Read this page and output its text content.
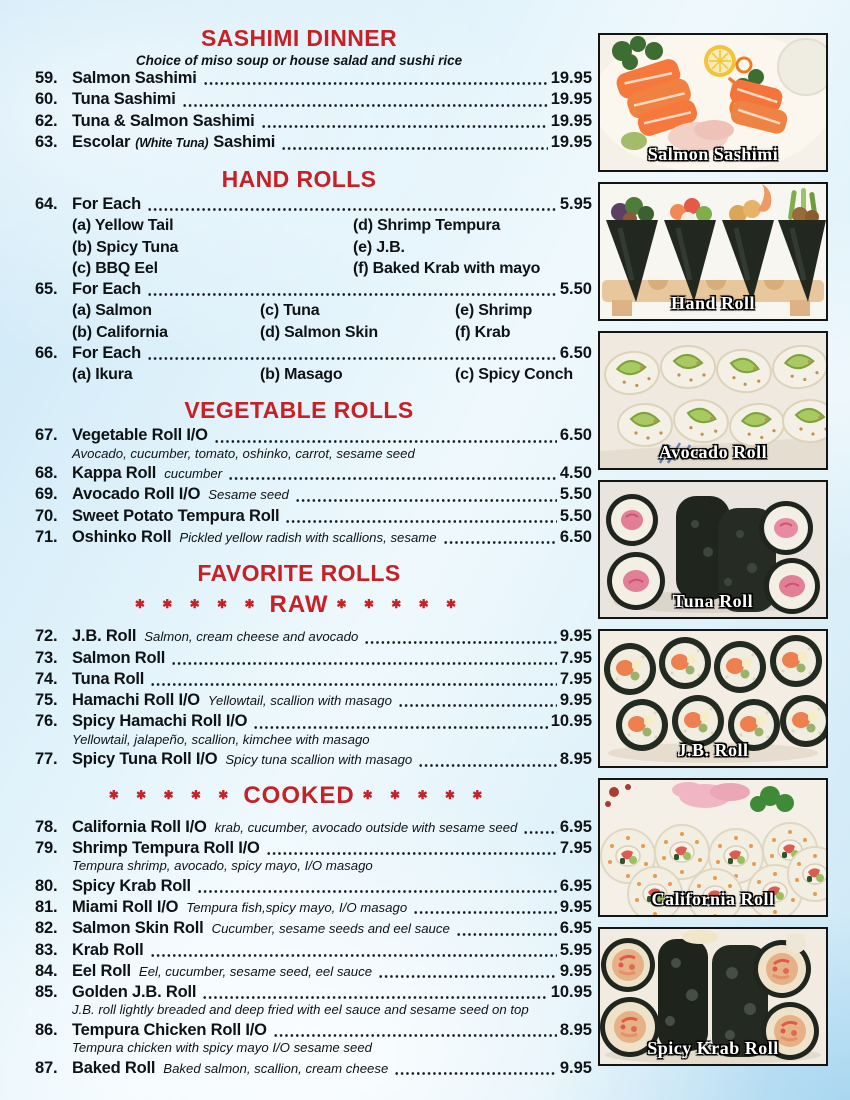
SASHIMI DINNER
Choice of miso soup or house salad and sushi rice
59. Salmon Sashimi	19.95
60. Tuna Sashimi	19.95
62. Tuna & Salmon Sashimi	19.95
63. Escolar (White Tuna) Sashimi	19.95
HAND ROLLS
64. For Each	5.95
(a) Yellow Tail	(d) Shrimp Tempura
(b) Spicy Tuna	(e) J.B.
(c) BBQ Eel	(f) Baked Krab with mayo
65. For Each	5.50
(a) Salmon	(c) Tuna	(e) Shrimp
(b) California	(d) Salmon Skin	(f) Krab
66. For Each	6.50
(a) Ikura	(b) Masago	(c) Spicy Conch
VEGETABLE ROLLS
67. Vegetable Roll I/O	6.50
Avocado, cucumber, tomato, oshinko, carrot, sesame seed
68. Kappa Roll cucumber	4.50
69. Avocado Roll I/O Sesame seed	5.50
70. Sweet Potato Tempura Roll	5.50
71. Oshinko Roll Pickled yellow radish with scallions, sesame	6.50
FAVORITE ROLLS
✱ ✱ ✱ ✱ ✱ RAW ✱ ✱ ✱ ✱ ✱
72. J.B. Roll Salmon, cream cheese and avocado	9.95
73. Salmon Roll	7.95
74. Tuna Roll	7.95
75. Hamachi Roll I/O Yellowtail, scallion with masago	9.95
76. Spicy Hamachi Roll I/O	10.95
Yellowtail, jalapeño, scallion, kimchee with masago
77. Spicy Tuna Roll I/O Spicy tuna scallion with masago	8.95
✱ ✱ ✱ ✱ ✱ COOKED ✱ ✱ ✱ ✱ ✱
78. California Roll I/O krab, cucumber, avocado outside with sesame seed	6.95
79. Shrimp Tempura Roll I/O	7.95
Tempura shrimp, avocado, spicy mayo, I/O masago
80. Spicy Krab Roll	6.95
81. Miami Roll I/O Tempura fish,spicy mayo, I/O masago	9.95
82. Salmon Skin Roll Cucumber, sesame seeds and eel sauce	6.95
83. Krab Roll	5.95
84. Eel Roll Eel, cucumber, sesame seed, eel sauce	9.95
85. Golden J.B. Roll	10.95
J.B. roll lightly breaded and deep fried with eel sauce and sesame seed on top
86. Tempura Chicken Roll I/O	8.95
Tempura chicken with spicy mayo I/O sesame seed
87. Baked Roll Baked salmon, scallion, cream cheese	9.95
Salmon Sashimi
Hand Roll
Avocado Roll
Tuna Roll
J.B. Roll
California Roll
Spicy Krab Roll
